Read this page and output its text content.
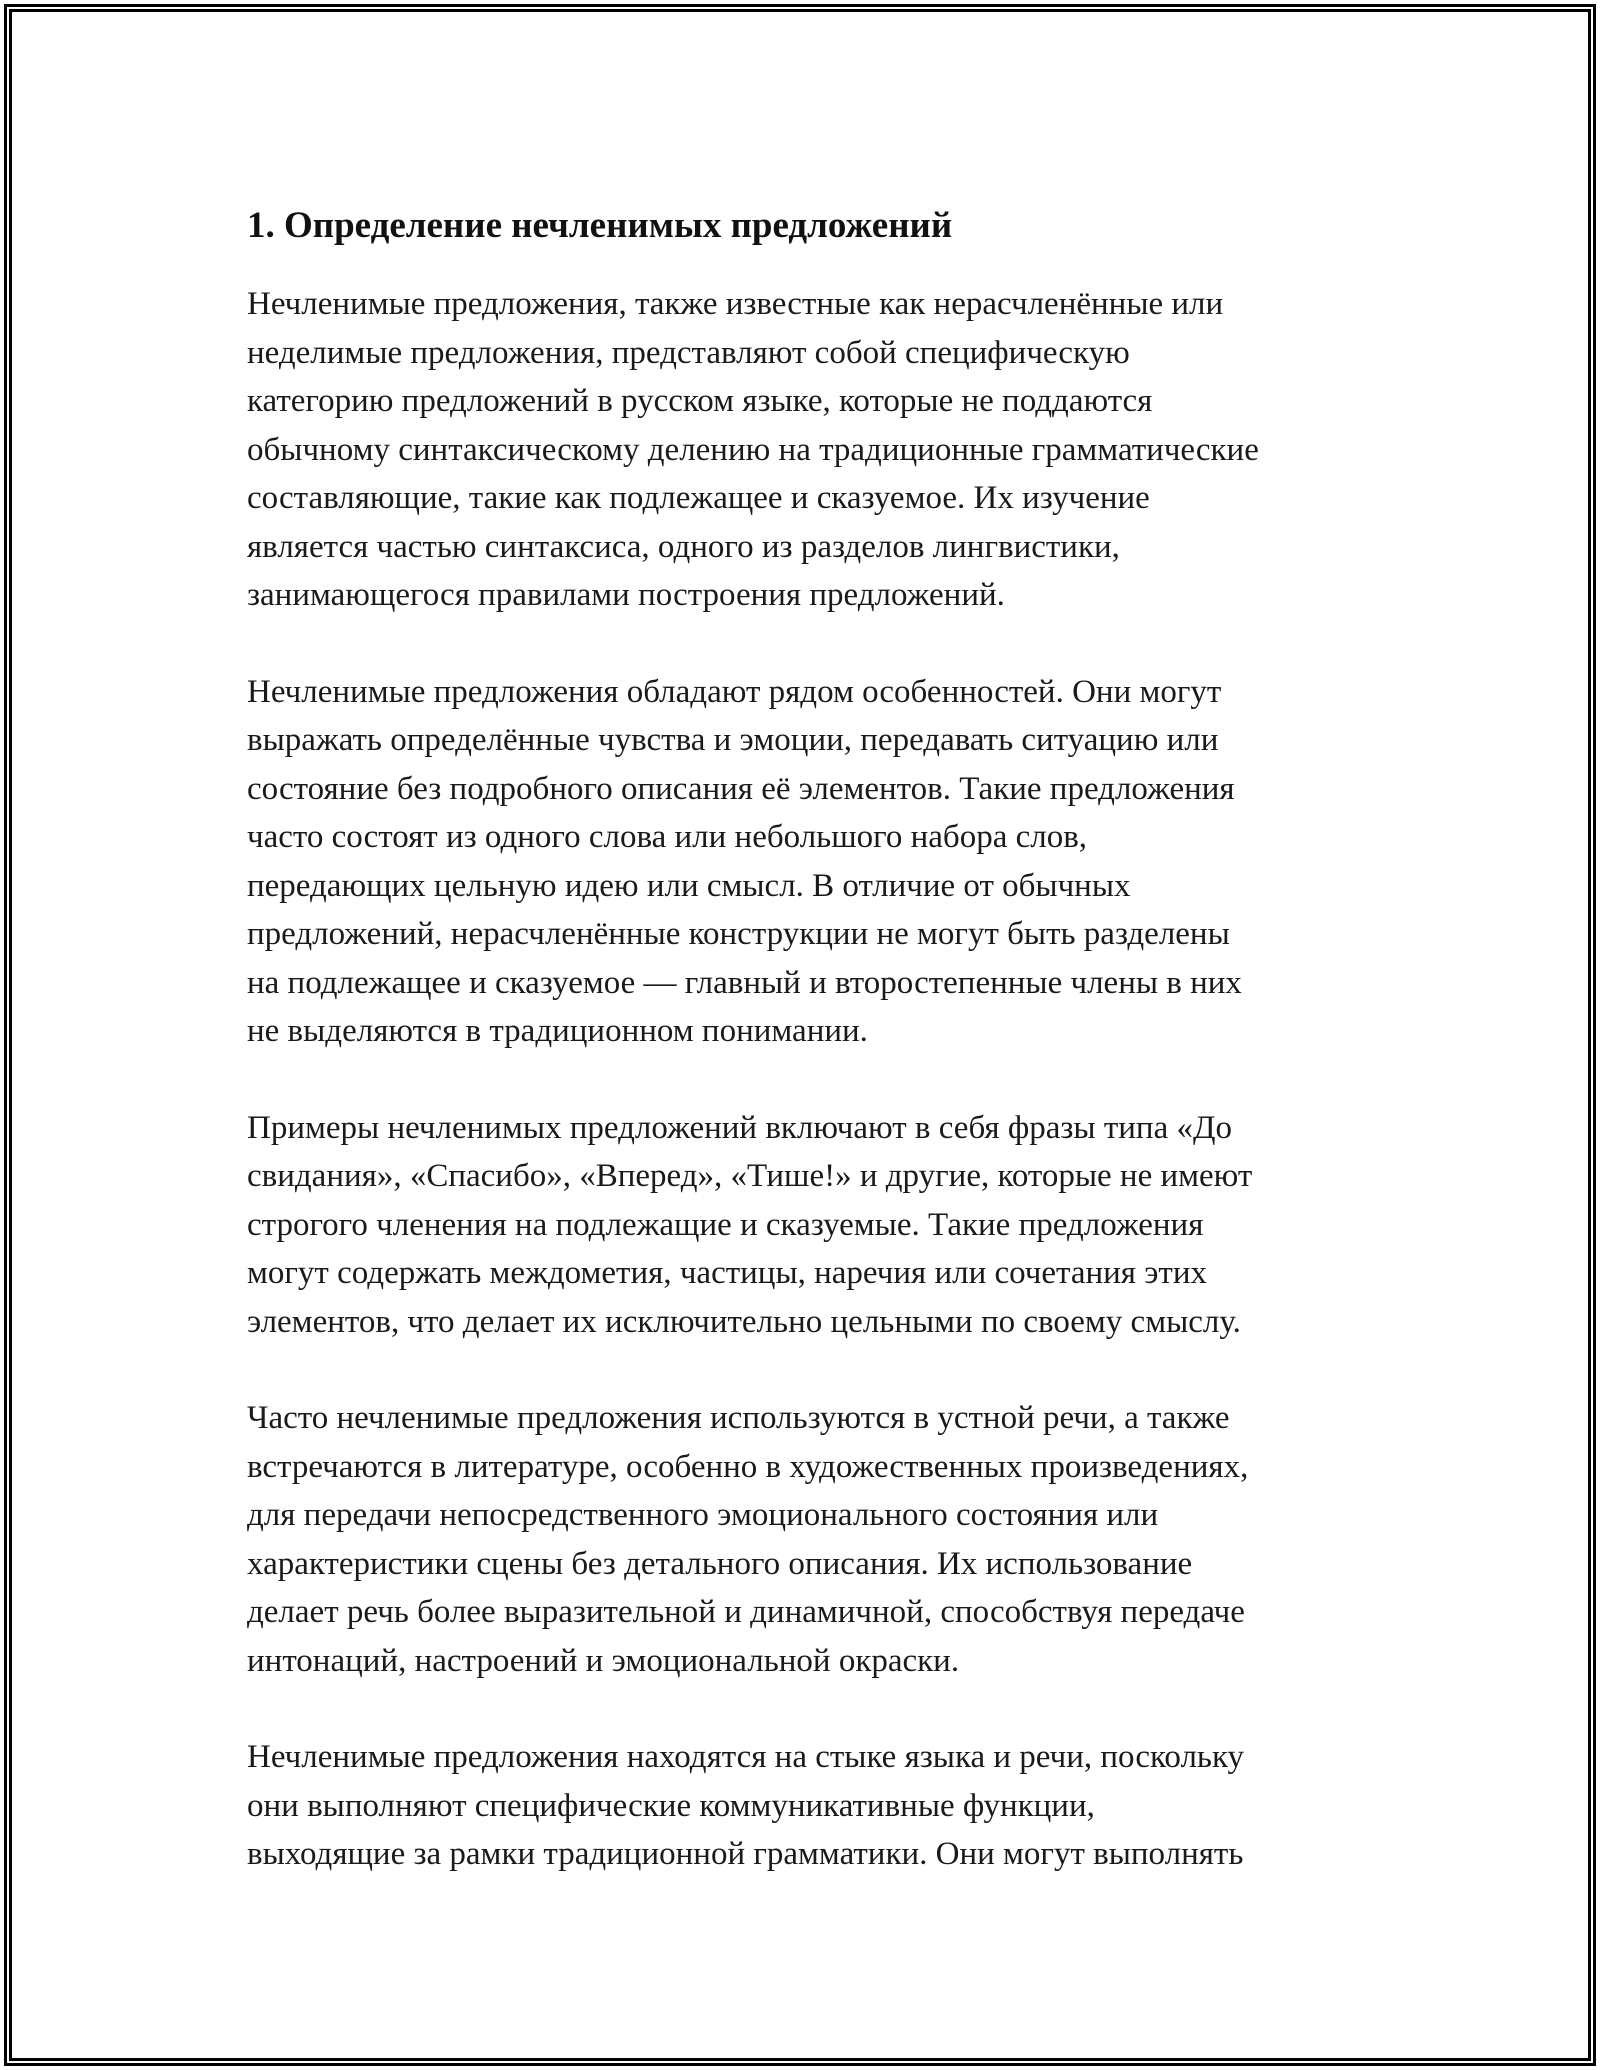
1. Определение нечленимых предложений

Нечленимые предложения, также известные как нерасчленённые или
неделимые предложения, представляют собой специфическую
категорию предложений в русском языке, которые не поддаются
обычному синтаксическому делению на традиционные грамматические
составляющие, такие как подлежащее и сказуемое. Их изучение
является частью синтаксиса, одного из разделов лингвистики,
занимающегося правилами построения предложений.

Нечленимые предложения обладают рядом особенностей. Они могут
выражать определённые чувства и эмоции, передавать ситуацию или
состояние без подробного описания её элементов. Такие предложения
часто состоят из одного слова или небольшого набора слов,
передающих цельную идею или смысл. В отличие от обычных
предложений, нерасчленённые конструкции не могут быть разделены
на подлежащее и сказуемое — главный и второстепенные члены в них
не выделяются в традиционном понимании.

Примеры нечленимых предложений включают в себя фразы типа «До
свидания», «Спасибо», «Вперед», «Тише!» и другие, которые не имеют
строгого членения на подлежащие и сказуемые. Такие предложения
могут содержать междометия, частицы, наречия или сочетания этих
элементов, что делает их исключительно цельными по своему смыслу.

Часто нечленимые предложения используются в устной речи, а также
встречаются в литературе, особенно в художественных произведениях,
для передачи непосредственного эмоционального состояния или
характеристики сцены без детального описания. Их использование
делает речь более выразительной и динамичной, способствуя передаче
интонаций, настроений и эмоциональной окраски.

Нечленимые предложения находятся на стыке языка и речи, поскольку
они выполняют специфические коммуникативные функции,
выходящие за рамки традиционной грамматики. Они могут выполнять
